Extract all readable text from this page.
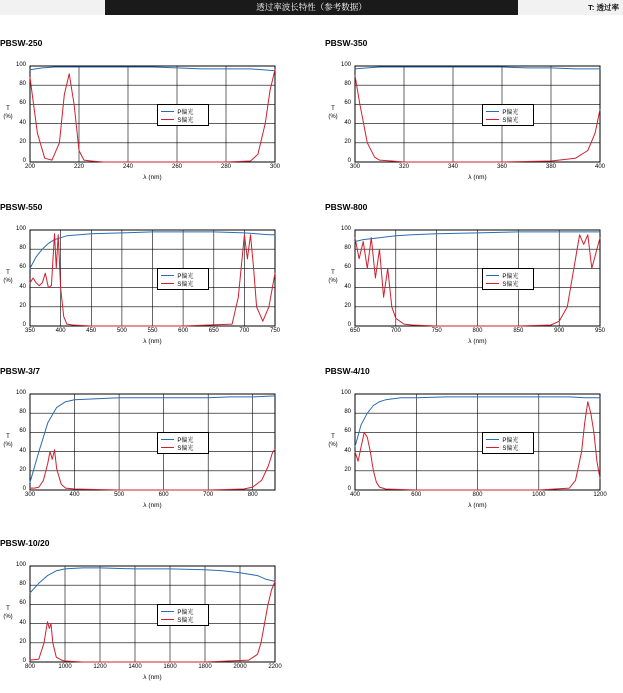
透过率波长特性（参考数据）	T: 透过率
PBSW-250
0
20
40
60
80
100
200	220	240	260	280	300
T
(%)
λ (nm)
P偏光
S偏光
PBSW-350
0
20
40
60
80
100
300	320	340	360	380	400
T
(%)
λ (nm)
P偏光
S偏光
PBSW-550
0
20
40
60
80
100
350	400	450	500	550	600	650	700	750
T
(%)
λ (nm)
P偏光
S偏光
PBSW-800
0
20
40
60
80
100
650	700	750	800	850	900	950
T
(%)
λ (nm)
P偏光
S偏光
PBSW-3/7
0
20
40
60
80
100
300	400	500	600	700	800
T
(%)
λ (nm)
P偏光
S偏光
PBSW-4/10
0
20
40
60
80
100
400	600	800	1000	1200
T
(%)
λ (nm)
P偏光
S偏光
PBSW-10/20
0
20
40
60
80
100
800	1000	1200	1400	1600	1800	2000	2200
T
(%)
λ (nm)
P偏光
S偏光
